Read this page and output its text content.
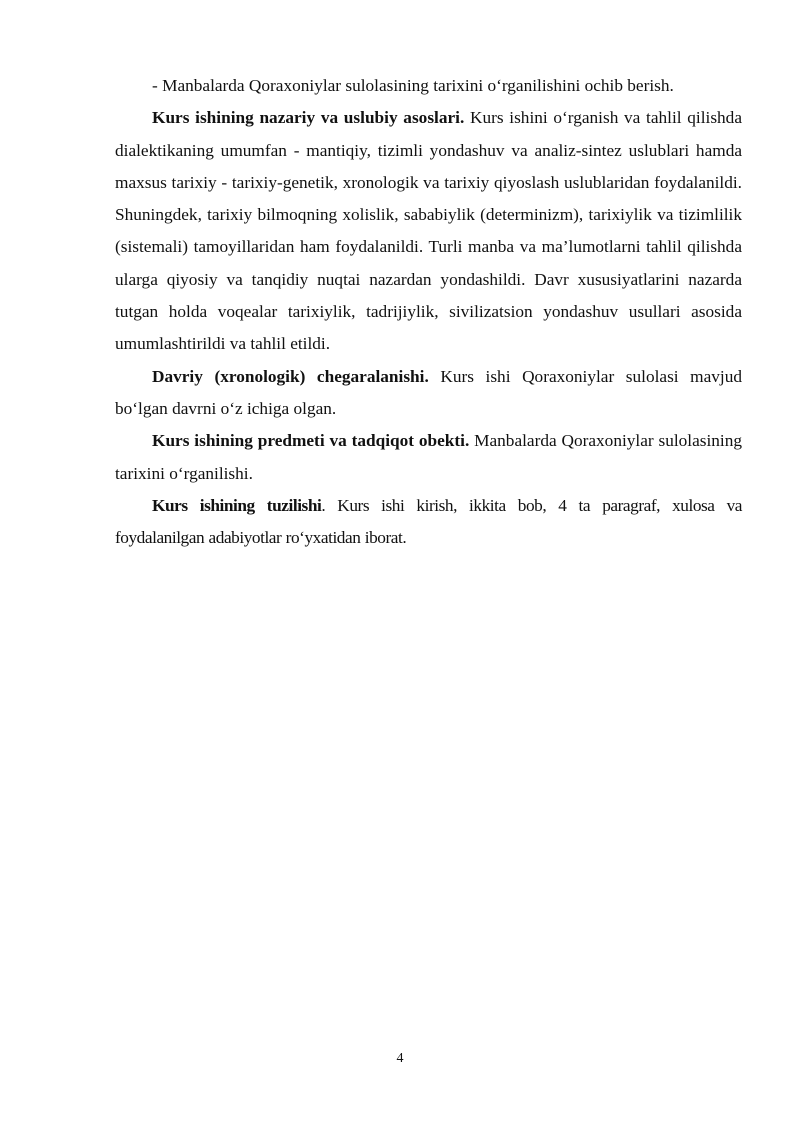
- Manbalarda Qoraxoniylar sulolasining tarixini o‘rganilishini ochib berish.

Kurs ishining nazariy va uslubiy asoslari. Kurs ishini o‘rganish va tahlil qilishda dialektikaning umumfan - mantiqiy, tizimli yondashuv va analiz-sintez uslublari hamda maxsus tarixiy - tarixiy-genetik, xronologik va tarixiy qiyoslash uslublaridan foydalanildi. Shuningdek, tarixiy bilmoqning xolislik, sababiylik (determinizm), tarixiylik va tizimlilik (sistemali) tamoyillaridan ham foydalanildi. Turli manba va ma’lumotlarni tahlil qilishda ularga qiyosiy va tanqidiy nuqtai nazardan yondashildi. Davr xususiyatlarini nazarda tutgan holda voqealar tarixiylik, tadrijiylik, sivilizatsion yondashuv usullari asosida umumlashtirildi va tahlil etildi.

Davriy (xronologik) chegaralanishi. Kurs ishi Qoraxoniylar sulolasi mavjud bo‘lgan davrni o‘z ichiga olgan.

Kurs ishining predmeti va tadqiqot obekti. Manbalarda Qoraxoniylar sulolasining tarixini o‘rganilishi.

Kurs ishining tuzilishi. Kurs ishi kirish, ikkita bob, 4 ta paragraf, xulosa va foydalanilgan adabiyotlar ro‘yxatidan iborat.

4
